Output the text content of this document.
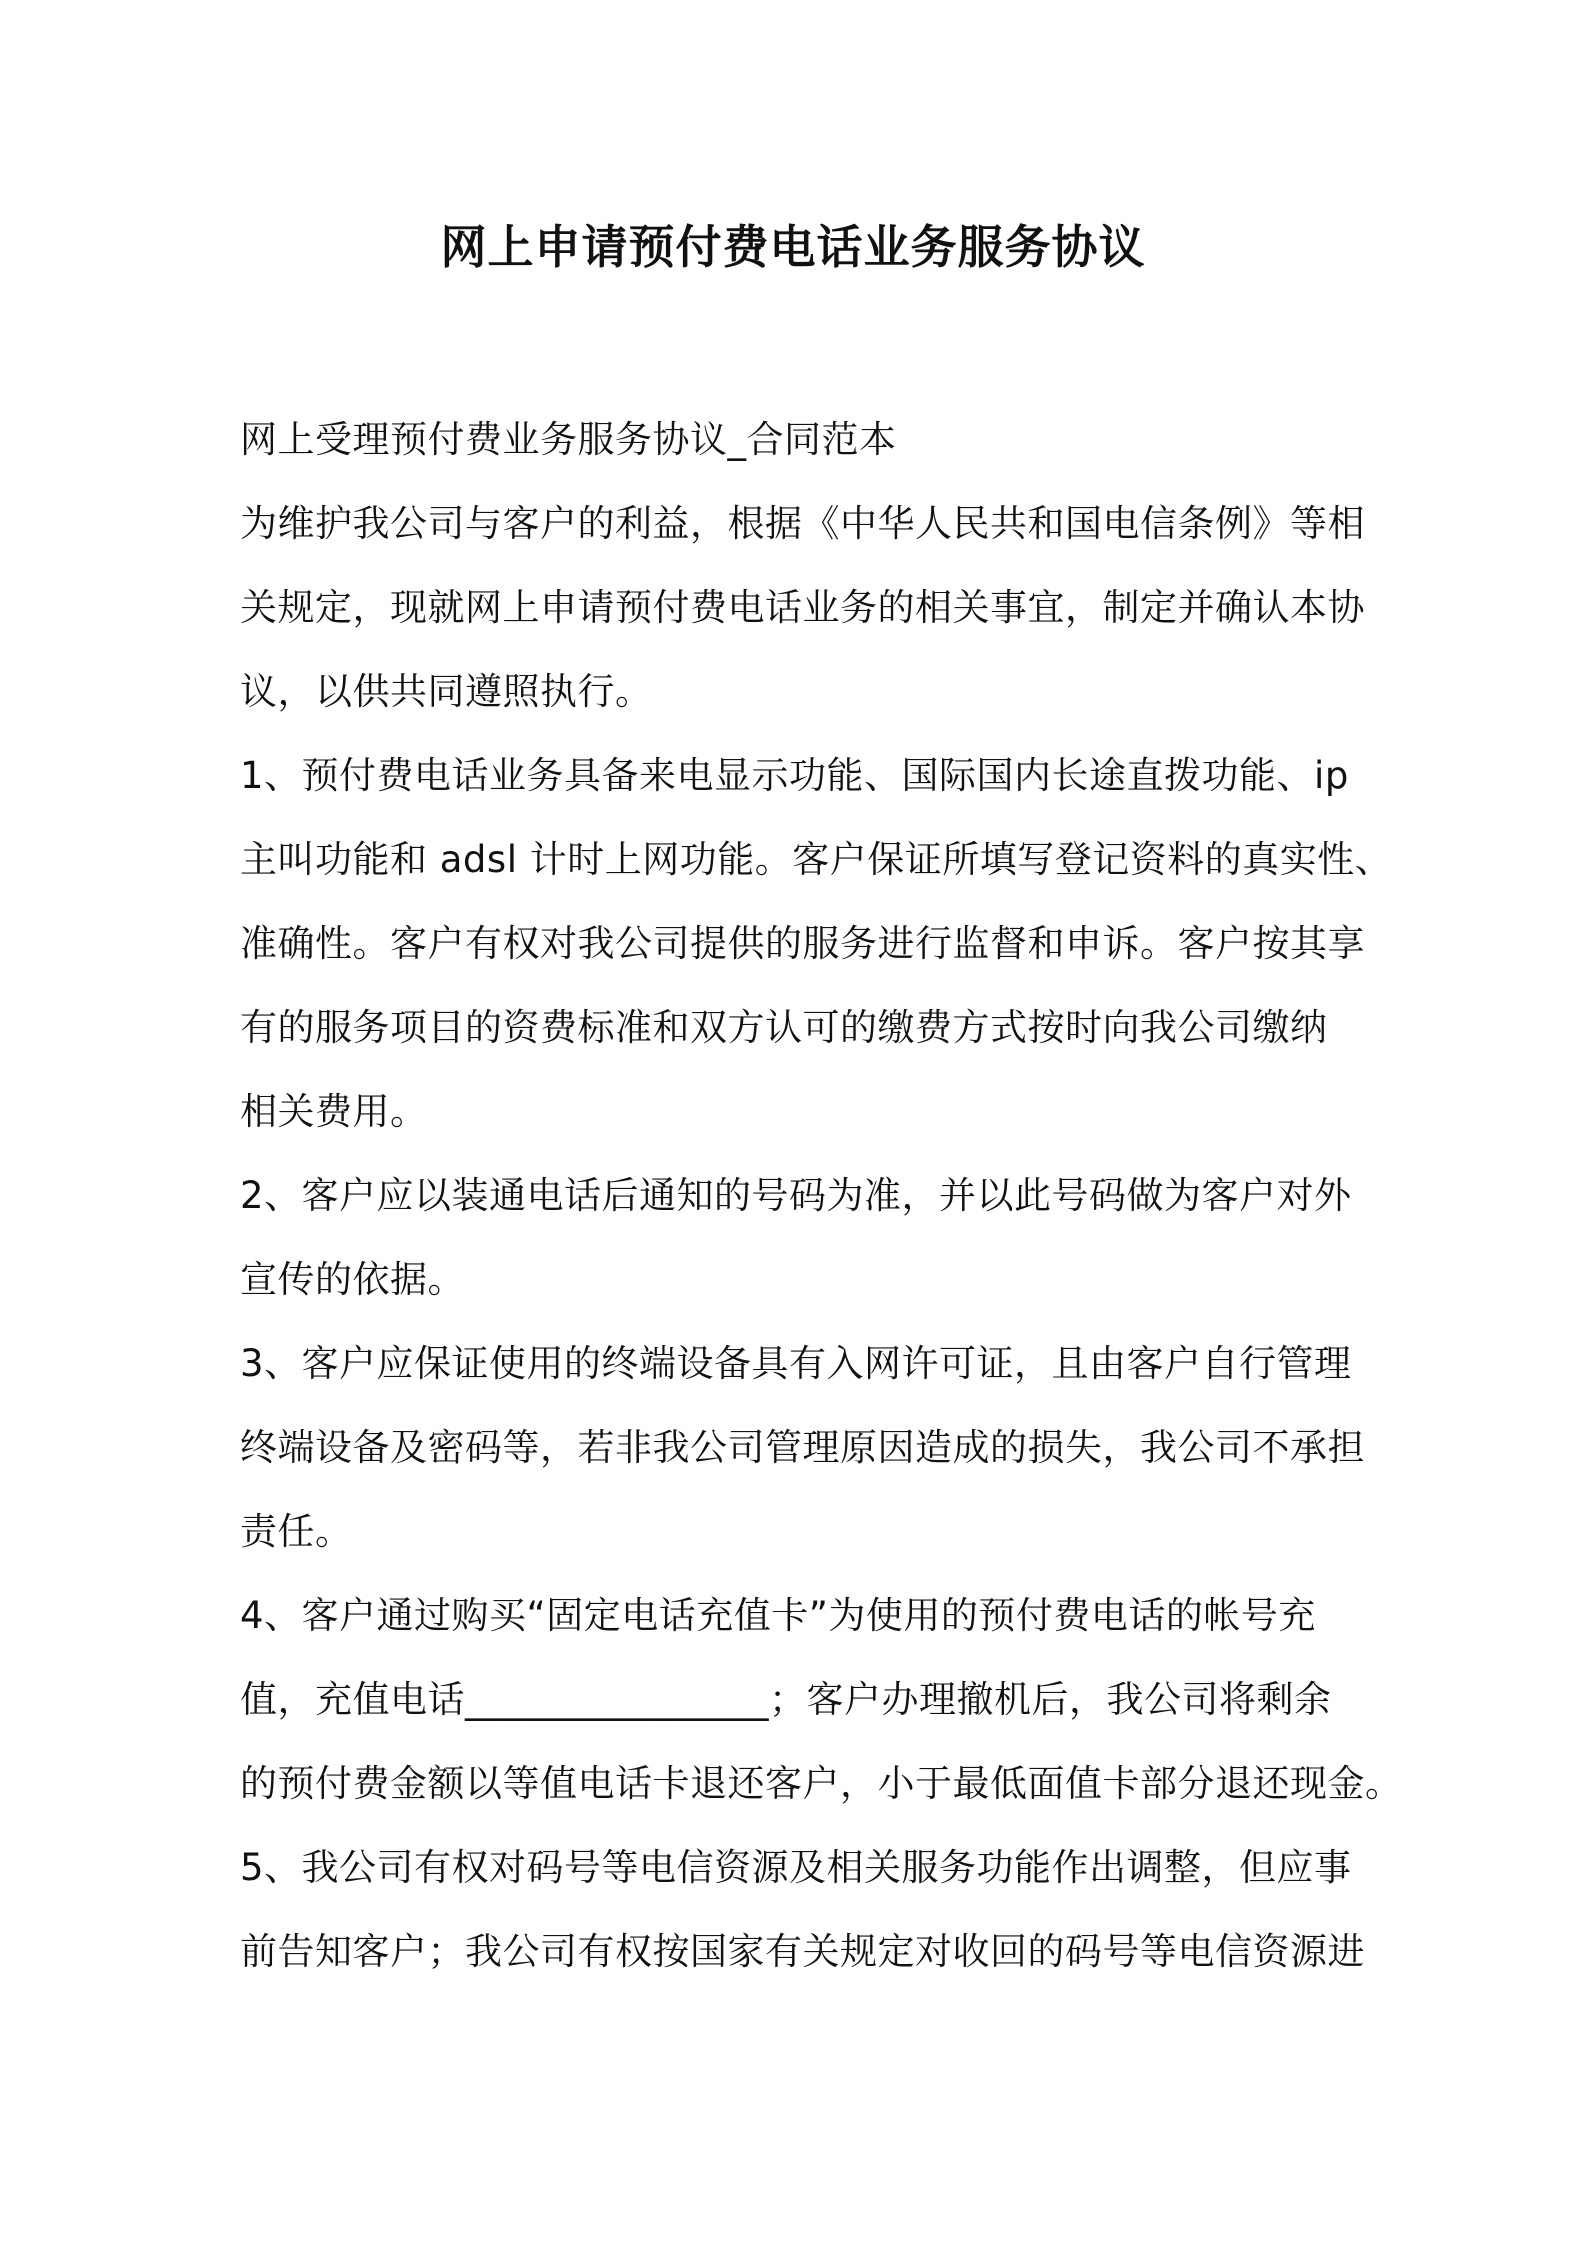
网上申请预付费电话业务服务协议
网上受理预付费业务服务协议_合同范本
为维护我公司与客户的利益，根据《中华人民共和国电信条例》等相
关规定，现就网上申请预付费电话业务的相关事宜，制定并确认本协
议，以供共同遵照执行。
1、预付费电话业务具备来电显示功能、国际国内长途直拨功能、ip
主叫功能和 adsl 计时上网功能。客户保证所填写登记资料的真实性、
准确性。客户有权对我公司提供的服务进行监督和申诉。客户按其享
有的服务项目的资费标准和双方认可的缴费方式按时向我公司缴纳
相关费用。
2、客户应以装通电话后通知的号码为准，并以此号码做为客户对外
宣传的依据。
3、客户应保证使用的终端设备具有入网许可证，且由客户自行管理
终端设备及密码等，若非我公司管理原因造成的损失，我公司不承担
责任。
4、客户通过购买“固定电话充值卡”为使用的预付费电话的帐号充
值，充值电话________________；客户办理撤机后，我公司将剩余
的预付费金额以等值电话卡退还客户，小于最低面值卡部分退还现金。
5、我公司有权对码号等电信资源及相关服务功能作出调整，但应事
前告知客户；我公司有权按国家有关规定对收回的码号等电信资源进
